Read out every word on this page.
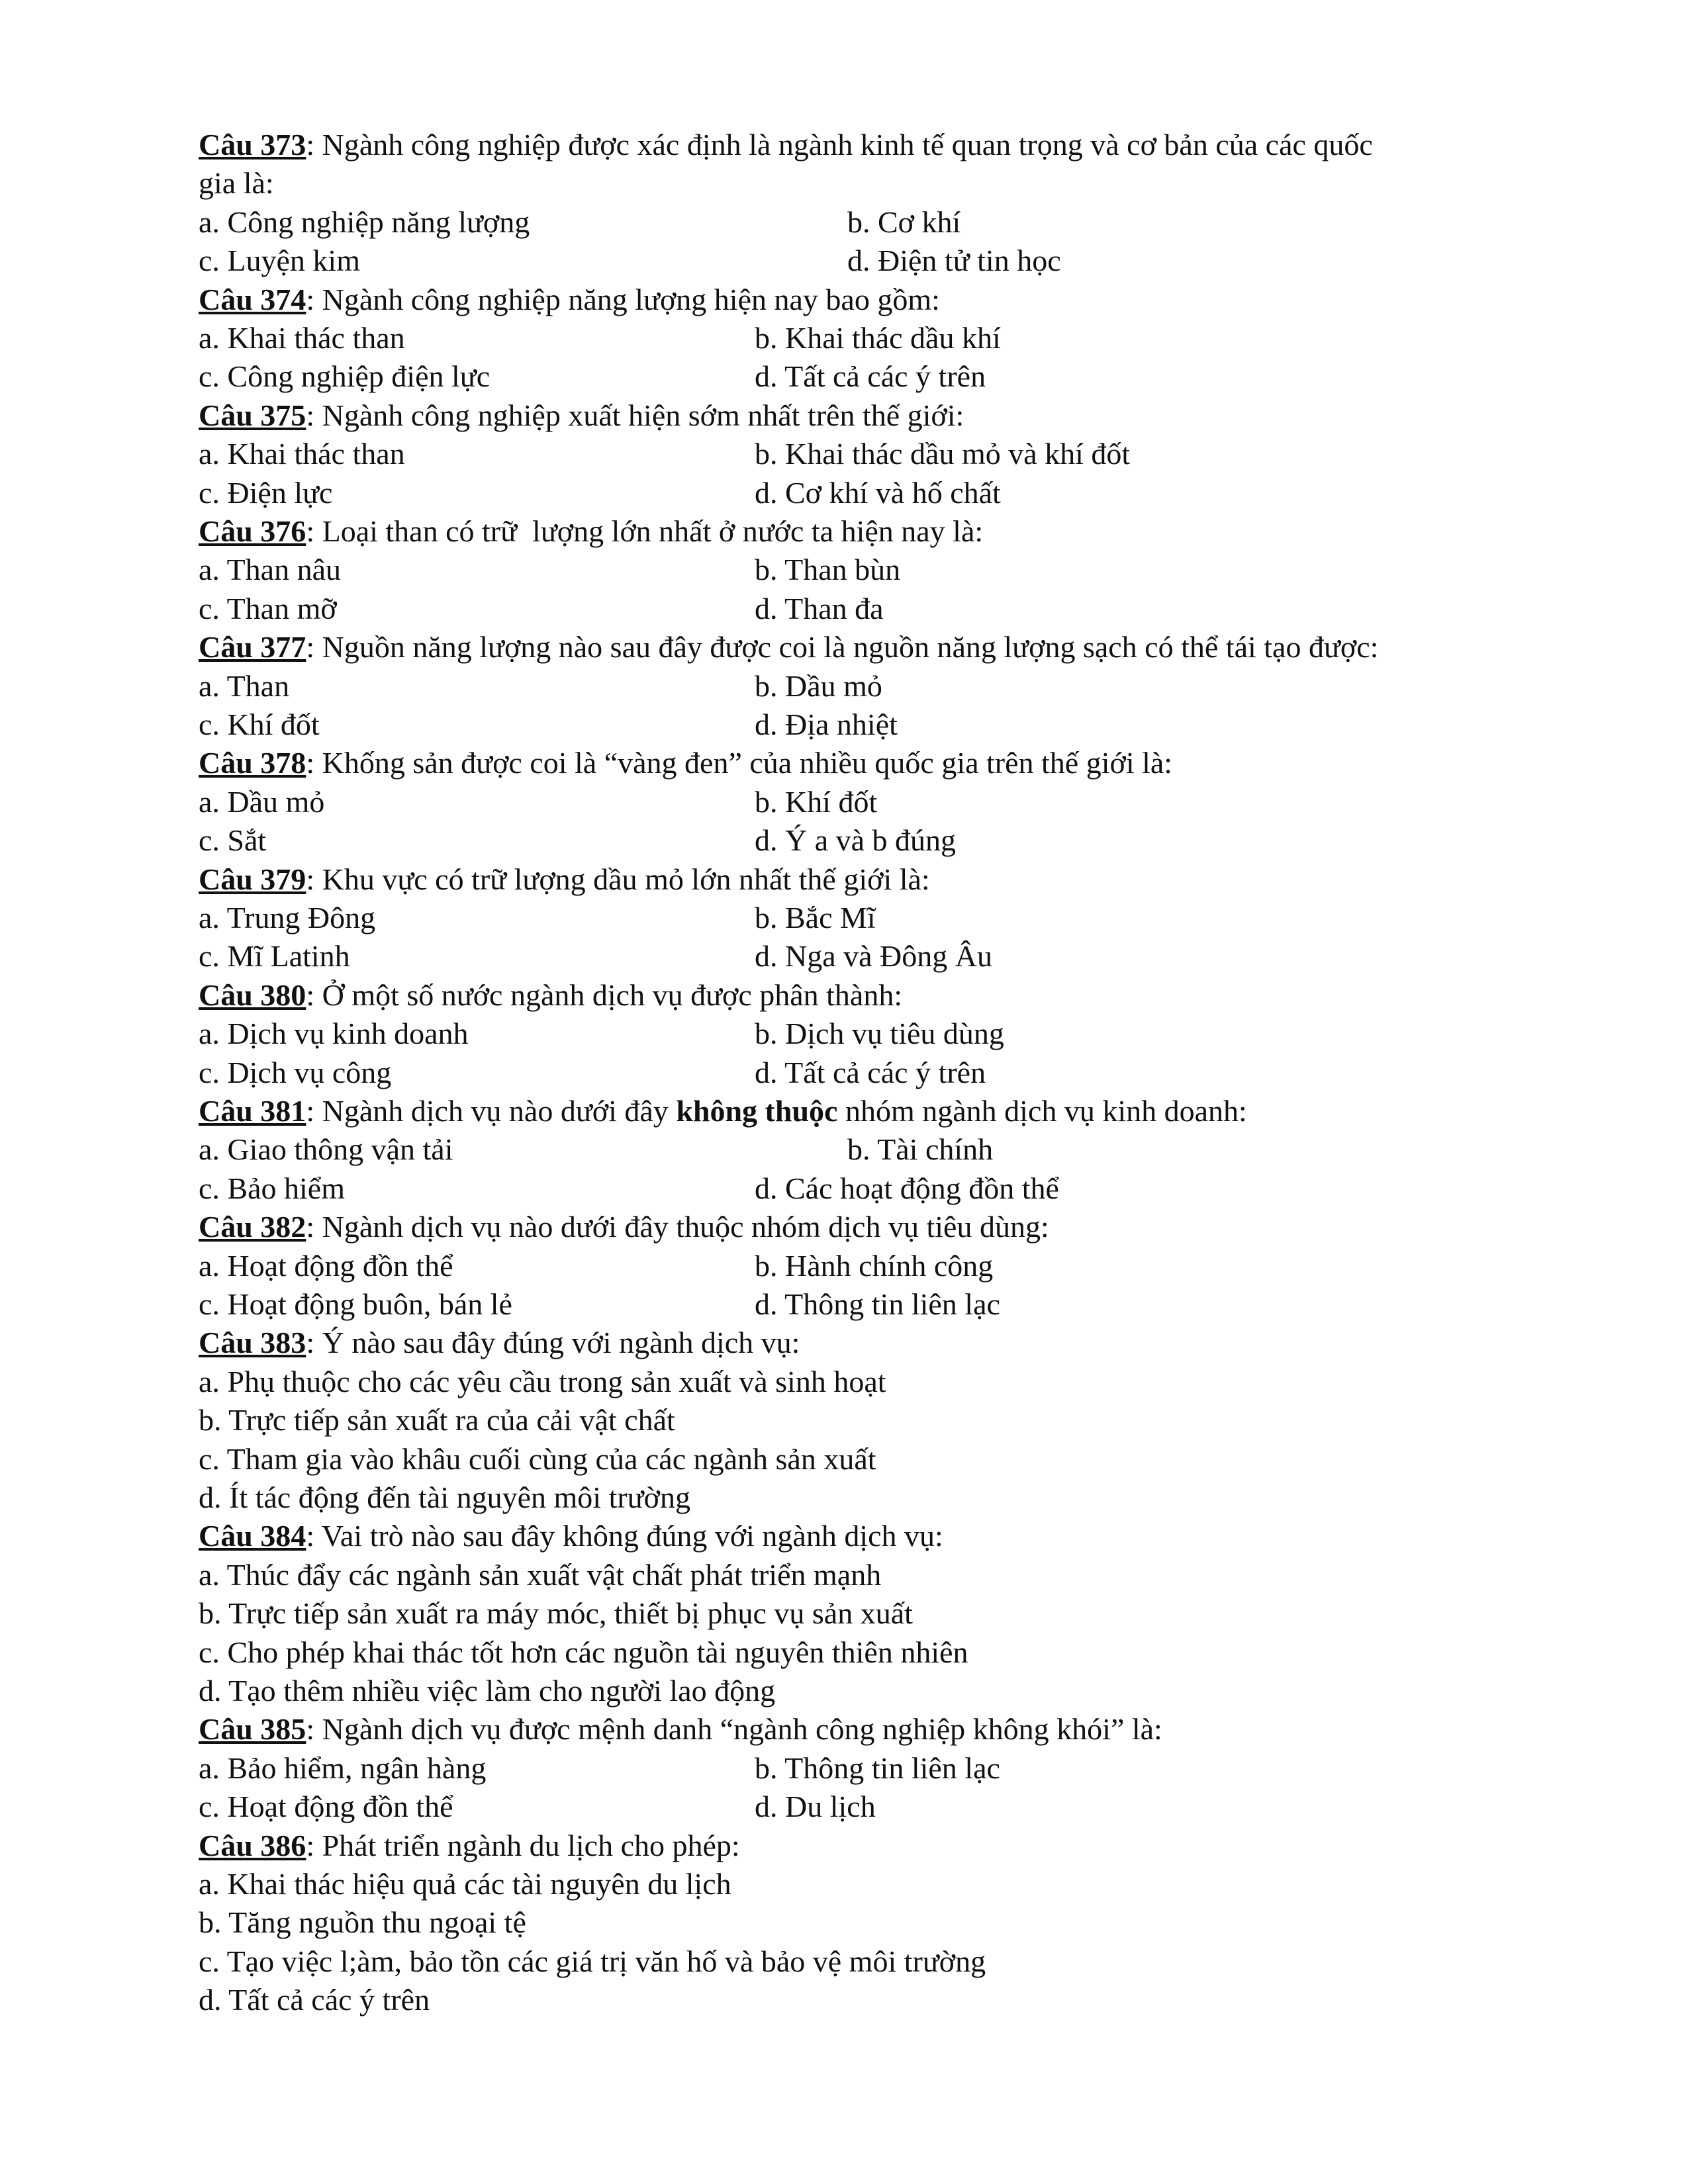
Câu 373: Ngành công nghiệp được xác định là ngành kinh tế quan trọng và cơ bản của các quốc
gia là:
a. Công nghiệp năng lượng	b. Cơ khí
c. Luyện kim	d. Điện tử tin học
Câu 374: Ngành công nghiệp năng lượng hiện nay bao gồm:
a. Khai thác than	b. Khai thác dầu khí
c. Công nghiệp điện lực	d. Tất cả các ý trên
Câu 375: Ngành công nghiệp xuất hiện sớm nhất trên thế giới:
a. Khai thác than	b. Khai thác dầu mỏ và khí đốt
c. Điện lực	d. Cơ khí và hố chất
Câu 376: Loại than có trữ  lượng lớn nhất ở nước ta hiện nay là:
a. Than nâu	b. Than bùn
c. Than mỡ	d. Than đa
Câu 377: Nguồn năng lượng nào sau đây được coi là nguồn năng lượng sạch có thể tái tạo được:
a. Than	b. Dầu mỏ
c. Khí đốt	d. Địa nhiệt
Câu 378: Khống sản được coi là “vàng đen” của nhiều quốc gia trên thế giới là:
a. Dầu mỏ	b. Khí đốt
c. Sắt	d. Ý a và b đúng
Câu 379: Khu vực có trữ lượng dầu mỏ lớn nhất thế giới là:
a. Trung Đông	b. Bắc Mĩ
c. Mĩ Latinh	d. Nga và Đông Âu
Câu 380: Ở một số nước ngành dịch vụ được phân thành:
a. Dịch vụ kinh doanh	b. Dịch vụ tiêu dùng
c. Dịch vụ công	d. Tất cả các ý trên
Câu 381: Ngành dịch vụ nào dưới đây không thuộc nhóm ngành dịch vụ kinh doanh:
a. Giao thông vận tải	b. Tài chính
c. Bảo hiểm	d. Các hoạt động đồn thể
Câu 382: Ngành dịch vụ nào dưới đây thuộc nhóm dịch vụ tiêu dùng:
a. Hoạt động đồn thể	b. Hành chính công
c. Hoạt động buôn, bán lẻ	d. Thông tin liên lạc
Câu 383: Ý nào sau đây đúng với ngành dịch vụ:
a. Phụ thuộc cho các yêu cầu trong sản xuất và sinh hoạt
b. Trực tiếp sản xuất ra của cải vật chất
c. Tham gia vào khâu cuối cùng của các ngành sản xuất
d. Ít tác động đến tài nguyên môi trường
Câu 384: Vai trò nào sau đây không đúng với ngành dịch vụ:
a. Thúc đẩy các ngành sản xuất vật chất phát triển mạnh
b. Trực tiếp sản xuất ra máy móc, thiết bị phục vụ sản xuất
c. Cho phép khai thác tốt hơn các nguồn tài nguyên thiên nhiên
d. Tạo thêm nhiều việc làm cho người lao động
Câu 385: Ngành dịch vụ được mệnh danh “ngành công nghiệp không khói” là:
a. Bảo hiểm, ngân hàng	b. Thông tin liên lạc
c. Hoạt động đồn thể	d. Du lịch
Câu 386: Phát triển ngành du lịch cho phép:
a. Khai thác hiệu quả các tài nguyên du lịch
b. Tăng nguồn thu ngoại tệ
c. Tạo việc l;àm, bảo tồn các giá trị văn hố và bảo vệ môi trường
d. Tất cả các ý trên
